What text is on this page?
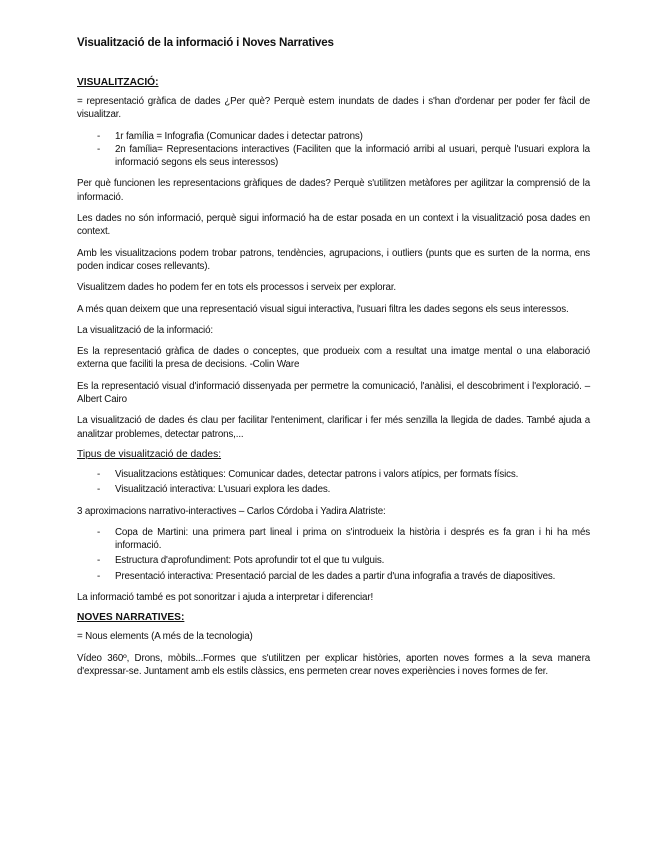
Visualització de la informació i Noves Narratives
VISUALITZACIÓ:

= representació gràfica de dades ¿Per què? Perquè estem inundats de dades i s'han d'ordenar per poder fer fàcil de visualitzar.

- 1r família = Infografia (Comunicar dades i detectar patrons)
- 2n família= Representacions interactives (Faciliten que la informació arribi al usuari, perquè l'usuari explora la informació segons els seus interessos)

Per què funcionen les representacions gràfiques de dades? Perquè s'utilitzen metàfores per agilitzar la comprensió de la informació.

Les dades no són informació, perquè sigui informació ha de estar posada en un context i la visualització posa dades en context.

Amb les visualitzacions podem trobar patrons, tendències, agrupacions, i outliers (punts que es surten de la norma, ens poden indicar coses rellevants).

Visualitzem dades ho podem fer en tots els processos i serveix per explorar.

A més quan deixem que una representació visual sigui interactiva, l'usuari filtra les dades segons els seus interessos.

La visualització de la informació:

Es la representació gràfica de dades o conceptes, que produeix com a resultat una imatge mental o una elaboració externa que faciliti la presa de decisions. -Colin Ware

Es la representació visual d'informació dissenyada per permetre la comunicació, l'anàlisi, el descobriment i l'exploració. – Albert Cairo

La visualització de dades és clau per facilitar l'enteniment, clarificar i fer més senzilla la llegida de dades. També ajuda a analitzar problemes, detectar patrons,...

Tipus de visualització de dades:
- Visualitzacions estàtiques: Comunicar dades, detectar patrons i valors atípics, per formats físics.
- Visualització interactiva: L'usuari explora les dades.

3 aproximacions narrativo-interactives – Carlos Córdoba i Yadira Alatriste:

- Copa de Martini: una primera part lineal i prima on s'introdueix la història i després es fa gran i hi ha més informació.
- Estructura d'aprofundiment: Pots aprofundir tot el que tu vulguis.
- Presentació interactiva: Presentació parcial de les dades a partir d'una infografia a través de diapositives.

La informació també es pot sonoritzar i ajuda a interpretar i diferenciar!

NOVES NARRATIVES:

= Nous elements (A més de la tecnologia)

Vídeo 360º, Drons, mòbils...Formes que s'utilitzen per explicar històries, aporten noves formes a la seva manera d'expressar-se. Juntament amb els estils clàssics, ens permeten crear noves experiències i noves formes de fer.
